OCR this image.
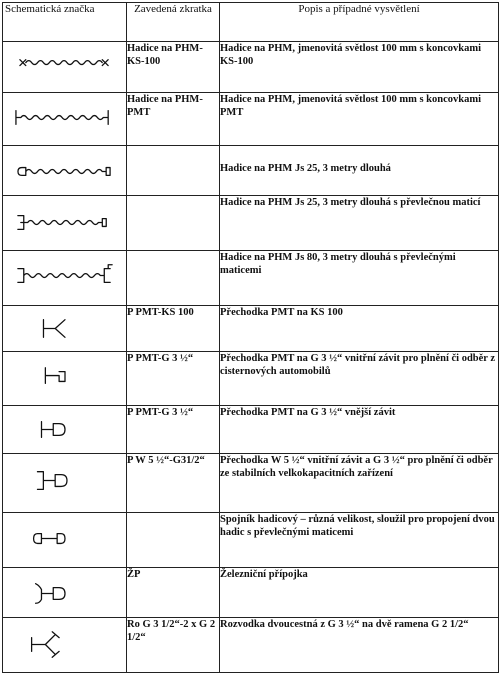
Schematická značka	Zavedená zkratka	Popis a případné vysvětlení

	Hadice na PHM-KS-100	Hadice na PHM, jmenovitá světlost 100 mm s koncovkami KS-100

	Hadice na PHM-PMT	Hadice na PHM, jmenovitá světlost 100 mm s koncovkami PMT

		Hadice na PHM Js 25, 3 metry dlouhá

		Hadice na PHM Js 25, 3 metry dlouhá s převlečnou maticí

		Hadice na PHM Js 80, 3 metry dlouhá s převlečnými maticemi

	P PMT-KS 100	Přechodka PMT na KS 100

	P PMT-G 3 ½“	Přechodka PMT na G 3 ½“ vnitřní závit pro plnění či odběr z cisternových automobilů

	P PMT-G 3 ½“	Přechodka PMT na G 3 ½“ vnější závit

	P W 5 ½“-G31/2“	Přechodka W 5 ½“ vnitřní závit a G 3 ½“ pro plnění či odběr ze stabilních velkokapacitních zařízení

		Spojník hadicový – různá velikost, sloužil pro propojení dvou hadic s převlečnými maticemi

	ŽP	Železniční přípojka

	Ro G 3 1/2“-2 x G 2 1/2“	Rozvodka dvoucestná z G 3 ½“ na dvě ramena G 2 1/2“
